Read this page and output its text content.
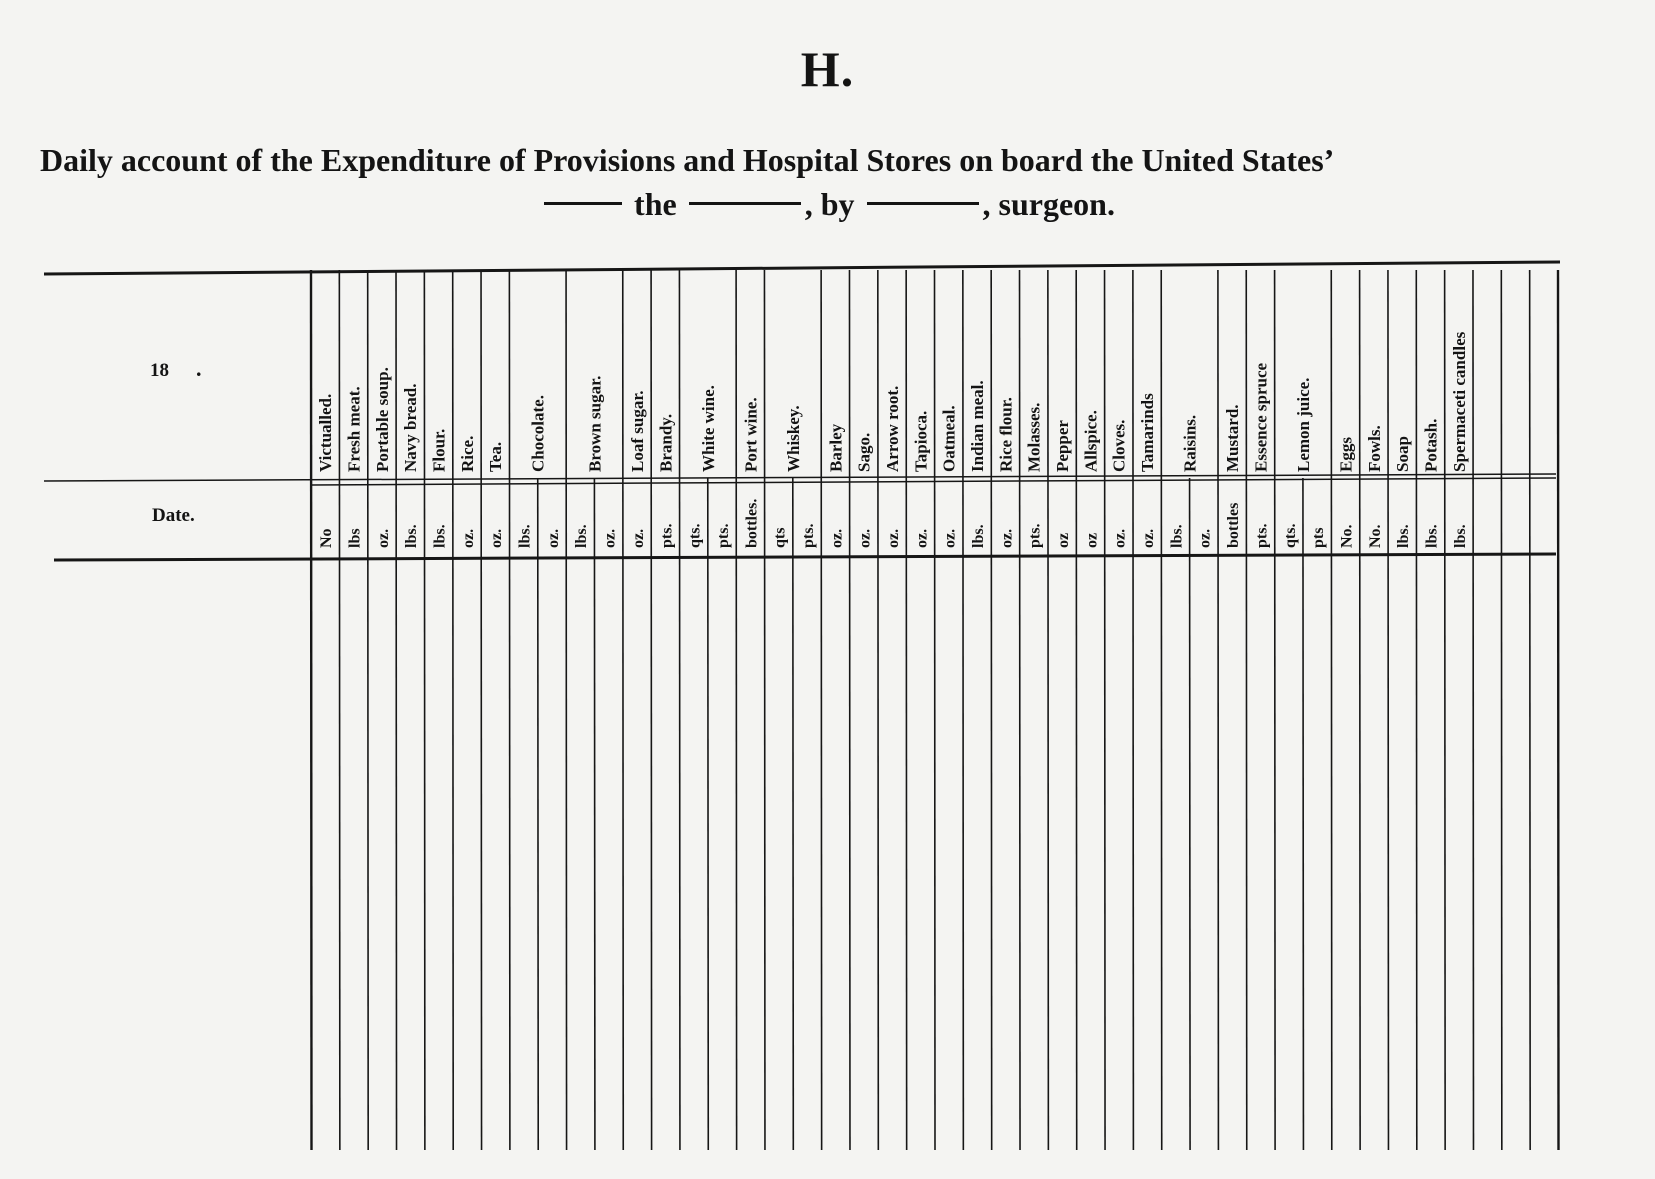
H.
Daily account of the Expenditure of Provisions and Hospital Stores on board the United States’
the	, by	, surgeon.
18 .
Date.
No lbs oz. lbs. lbs. oz. oz. lbs. oz. lbs. oz. oz. pts. qts. pts. bottles. qts pts. oz. oz. oz. oz. oz. lbs. oz. pts. oz oz oz. oz. lbs. oz. bottles pts. qts. pts No. No. lbs. lbs. lbs.
Victualled. Fresh meat. Portable soup. Navy bread. Flour. Rice. Tea. Chocolate. Brown sugar. Loaf sugar. Brandy. White wine. Port wine. Whiskey. Barley Sago. Arrow root. Tapioca. Oatmeal. Indian meal. Rice flour. Molasses. Pepper Allspice. Cloves. Tamarinds Raisins. Mustard. Essence spruce Lemon juice. Eggs Fowls. Soap Potash. Spermaceti candles
